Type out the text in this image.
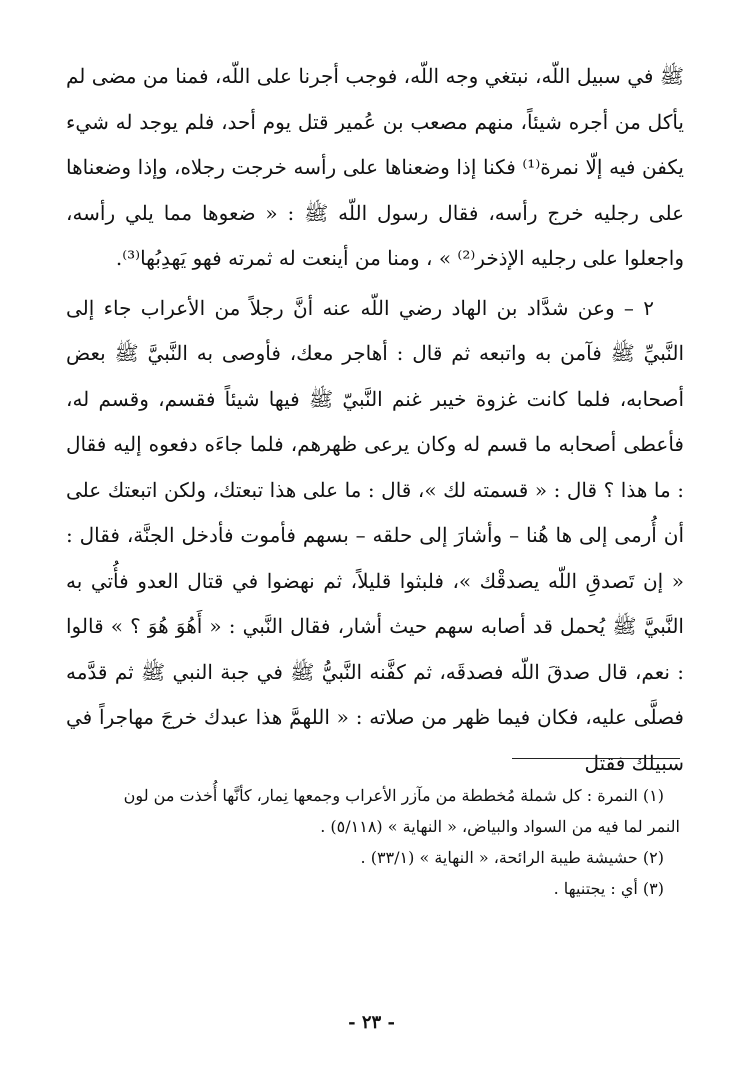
ﷺ في سبيل اللّه، نبتغي وجه اللّه، فوجب أجرنا على اللّه، فمنا من مضى لم يأكل من أجره شيئاً، منهم مصعب بن عُمير قتل يوم أحد، فلم يوجد له شيء يكفن فيه إلّا نمرة⁽¹⁾ فكنا إذا وضعناها على رأسه خرجت رجلاه، وإذا وضعناها على رجليه خرج رأسه، فقال رسول اللّه ﷺ : « ضعوها مما يلي رأسه، واجعلوا على رجليه الإذخر⁽²⁾ » ، ومنا من أينعت له ثمرته فهو يَهدِبُها⁽³⁾.

٢ – وعن شدَّاد بن الهاد رضي اللّه عنه أنَّ رجلاً من الأعراب جاء إلى النَّبيِّ ﷺ فآمن به واتبعه ثم قال : أهاجر معك، فأوصى به النَّبيَّ ﷺ بعض أصحابه، فلما كانت غزوة خيبر غنم النَّبيّ ﷺ فيها شيئاً فقسم، وقسم له، فأعطى أصحابه ما قسم له وكان يرعى ظهرهم، فلما جاءَه دفعوه إليه فقال : ما هذا ؟ قال : « قسمته لك »، قال : ما على هذا تبعتك، ولكن اتبعتك على أن أُرمى إلى ها هُنا – وأشارَ إلى حلقه – بسهم فأموت فأدخل الجنَّة، فقال : « إن تَصدقِ اللّه يصدقْك »، فلبثوا قليلاً، ثم نهضوا في قتال العدو فأُتي به النَّبيَّ ﷺ يُحمل قد أصابه سهم حيث أشار، فقال النَّبي : « أَهُوَ هُوَ ؟ » قالوا : نعم، قال صدقَ اللّه فصدقَه، ثم كفَّنه النَّبيُّ ﷺ في جبة النبي ﷺ ثم قدَّمه فصلَّى عليه، فكان فيما ظهر من صلاته : « اللهمَّ هذا عبدك خرجَ مهاجراً في سبيلك فقتل

(١) النمرة : كل شملة مُخططة من مآزر الأعراب وجمعها نِمار، كأنَّها أُخذت من لون

النمر لما فيه من السواد والبياض، « النهاية » (٥/١١٨) .

(٢) حشيشة طيبة الرائحة، « النهاية » (٣٣/١) .

(٣) أي : يجتنيها .

- ٢٣ -
